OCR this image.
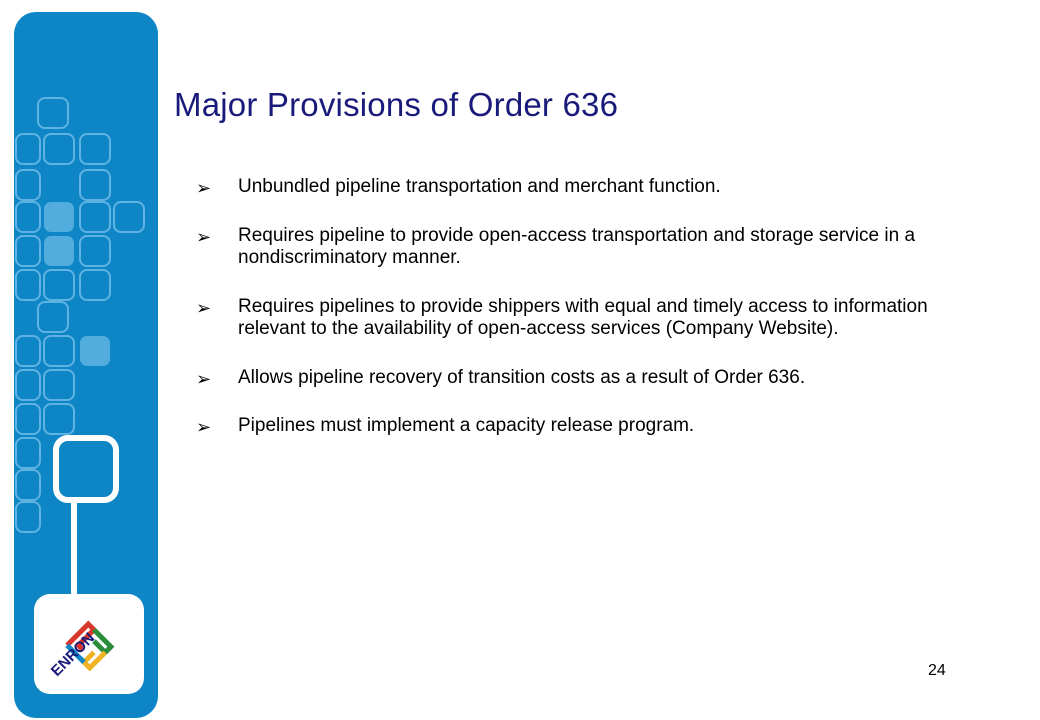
ENRON
Major Provisions of Order 636
➢ Unbundled pipeline transportation and merchant function.
➢ Requires pipeline to provide open-access transportation and storage service in a nondiscriminatory manner.
➢ Requires pipelines to provide shippers with equal and timely access to information relevant to the availability of open-access services (Company Website).
➢ Allows pipeline recovery of transition costs as a result of Order 636.
➢ Pipelines must implement a capacity release program.
24
